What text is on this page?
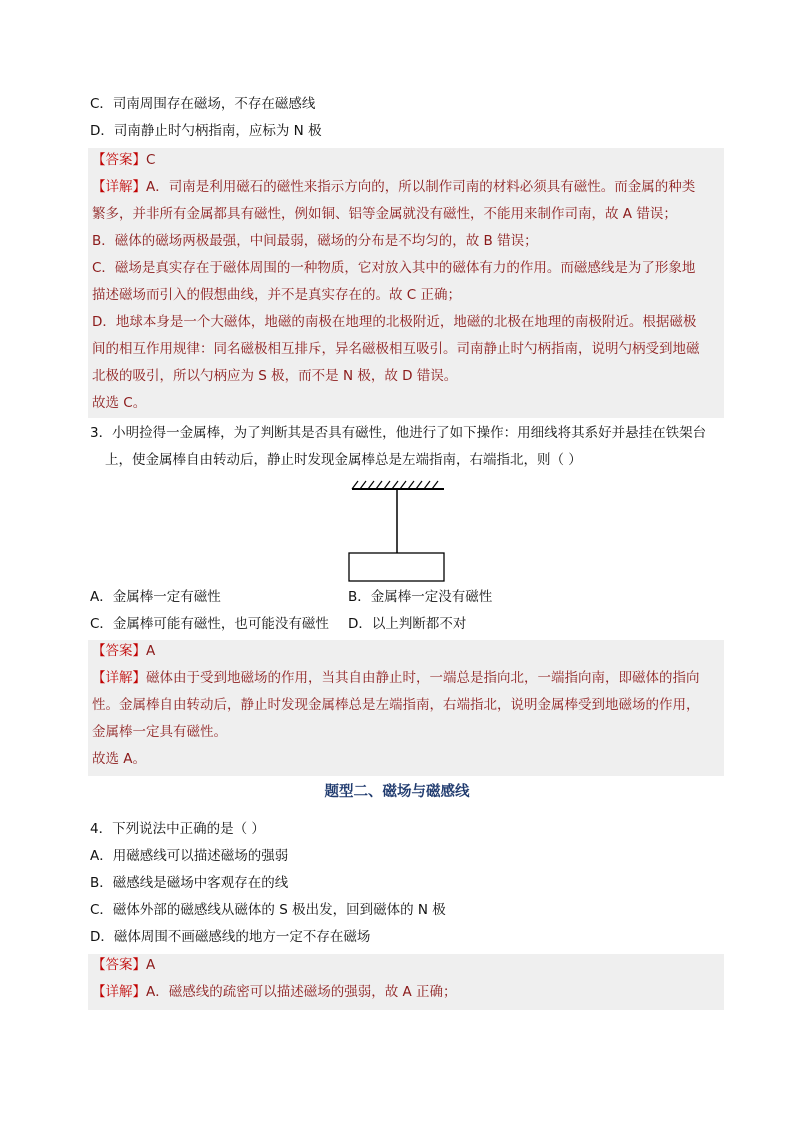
C．司南周围存在磁场，不存在磁感线
D．司南静止时勺柄指南，应标为 N 极
【答案】C
【详解】A．司南是利用磁石的磁性来指示方向的，所以制作司南的材料必须具有磁性。而金属的种类
繁多，并非所有金属都具有磁性，例如铜、铝等金属就没有磁性，不能用来制作司南，故 A 错误；
B．磁体的磁场两极最强，中间最弱，磁场的分布是不均匀的，故 B 错误；
C．磁场是真实存在于磁体周围的一种物质，它对放入其中的磁体有力的作用。而磁感线是为了形象地
描述磁场而引入的假想曲线，并不是真实存在的。故 C 正确；
D．地球本身是一个大磁体，地磁的南极在地理的北极附近，地磁的北极在地理的南极附近。根据磁极
间的相互作用规律：同名磁极相互排斥，异名磁极相互吸引。司南静止时勺柄指南，说明勺柄受到地磁
北极的吸引，所以勺柄应为 S 极，而不是 N 极，故 D 错误。
故选 C。
3．小明捡得一金属棒，为了判断其是否具有磁性，他进行了如下操作：用细线将其系好并悬挂在铁架台
上，使金属棒自由转动后，静止时发现金属棒总是左端指南，右端指北，则（ ）
A．金属棒一定有磁性	B．金属棒一定没有磁性
C．金属棒可能有磁性，也可能没有磁性 D．以上判断都不对
【答案】A
【详解】磁体由于受到地磁场的作用，当其自由静止时，一端总是指向北，一端指向南，即磁体的指向
性。金属棒自由转动后，静止时发现金属棒总是左端指南，右端指北，说明金属棒受到地磁场的作用，
金属棒一定具有磁性。
故选 A。
题型二、磁场与磁感线
4．下列说法中正确的是（ ）
A．用磁感线可以描述磁场的强弱
B．磁感线是磁场中客观存在的线
C．磁体外部的磁感线从磁体的 S 极出发，回到磁体的 N 极
D．磁体周围不画磁感线的地方一定不存在磁场
【答案】A
【详解】A．磁感线的疏密可以描述磁场的强弱，故 A 正确；
